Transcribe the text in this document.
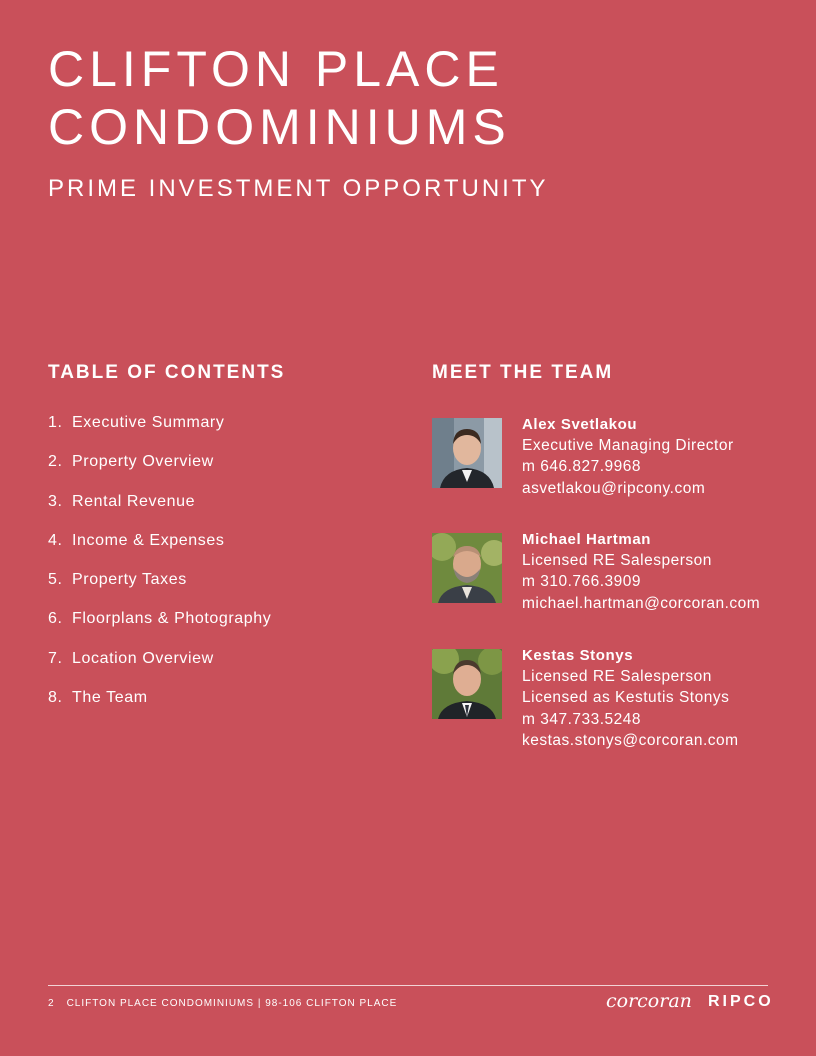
CLIFTON PLACE
CONDOMINIUMS
PRIME INVESTMENT OPPORTUNITY
TABLE OF CONTENTS
1. Executive Summary
2. Property Overview
3. Rental Revenue
4. Income & Expenses
5. Property Taxes
6. Floorplans & Photography
7. Location Overview
8. The Team
MEET THE TEAM
Alex Svetlakou
Executive Managing Director
m 646.827.9968
asvetlakou@ripcony.com
Michael Hartman
Licensed RE Salesperson
m 310.766.3909
michael.hartman@corcoran.com
Kestas Stonys
Licensed RE Salesperson
Licensed as Kestutis Stonys
m 347.733.5248
kestas.stonys@corcoran.com
2 CLIFTON PLACE CONDOMINIUMS | 98-106 CLIFTON PLACE	corcoran RIPCO
